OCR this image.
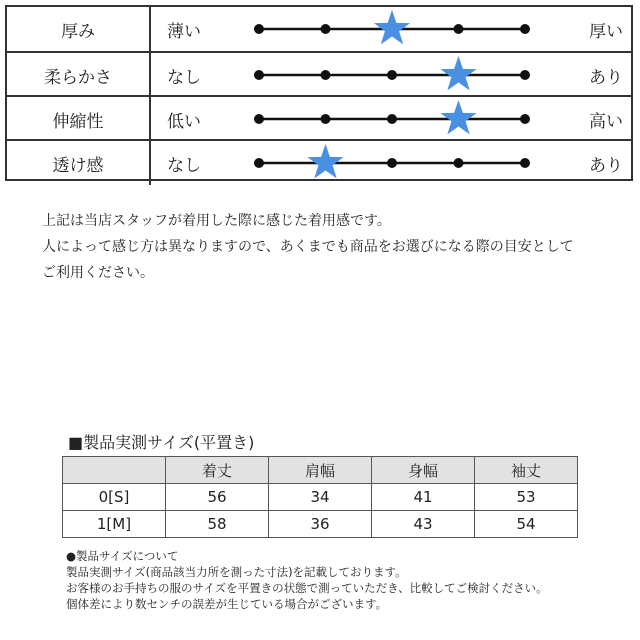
厚み	薄い	厚い
柔らかさ	なし	あり
伸縮性	低い	高い
透け感	なし	あり
上記は当店スタッフが着用した際に感じた着用感です。
人によって感じ方は異なりますので、あくまでも商品をお選びになる際の目安として
ご利用ください。
■製品実測サイズ(平置き)
	着丈	肩幅	身幅	袖丈
0[S]	56	34	41	53
1[M]	58	36	43	54
●製品サイズについて
製品実測サイズ(商品該当力所を測った寸法)を記載しております。
お客様のお手持ちの服のサイズを平置きの状態で測っていただき、比較してご検討ください。
個体差により数センチの誤差が生じている場合がございます。
